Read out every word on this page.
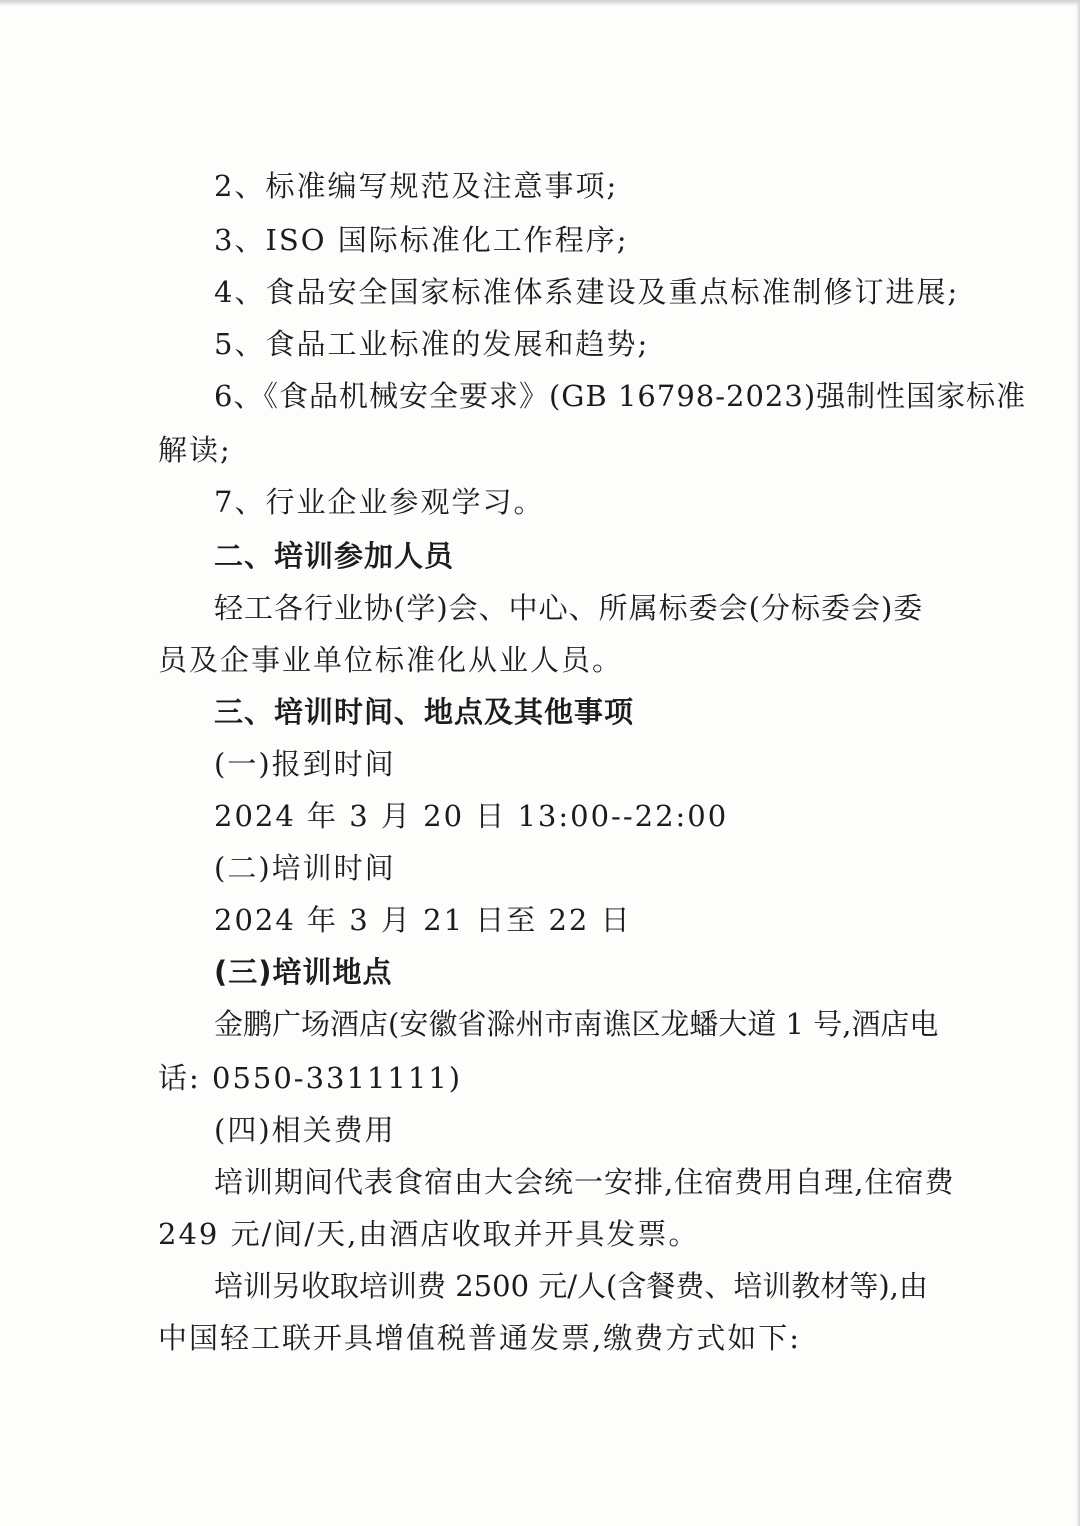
2、标准编写规范及注意事项;
3、ISO 国际标准化工作程序;
4、食品安全国家标准体系建设及重点标准制修订进展;
5、食品工业标准的发展和趋势;
6、《食品机械安全要求》(GB 16798-2023)强制性国家标准
解读;
7、行业企业参观学习。
二、培训参加人员
轻工各行业协(学)会、中心、所属标委会(分标委会)委
员及企事业单位标准化从业人员。
三、培训时间、地点及其他事项
(一)报到时间
2024 年 3 月 20 日 13:00--22:00
(二)培训时间
2024 年 3 月 21 日至 22 日
(三)培训地点
金鹏广场酒店(安徽省滁州市南谯区龙蟠大道 1 号,酒店电
话: 0550-3311111)
(四)相关费用
培训期间代表食宿由大会统一安排,住宿费用自理,住宿费
249 元/间/天,由酒店收取并开具发票。
培训另收取培训费 2500 元/人(含餐费、培训教材等),由
中国轻工联开具增值税普通发票,缴费方式如下:
